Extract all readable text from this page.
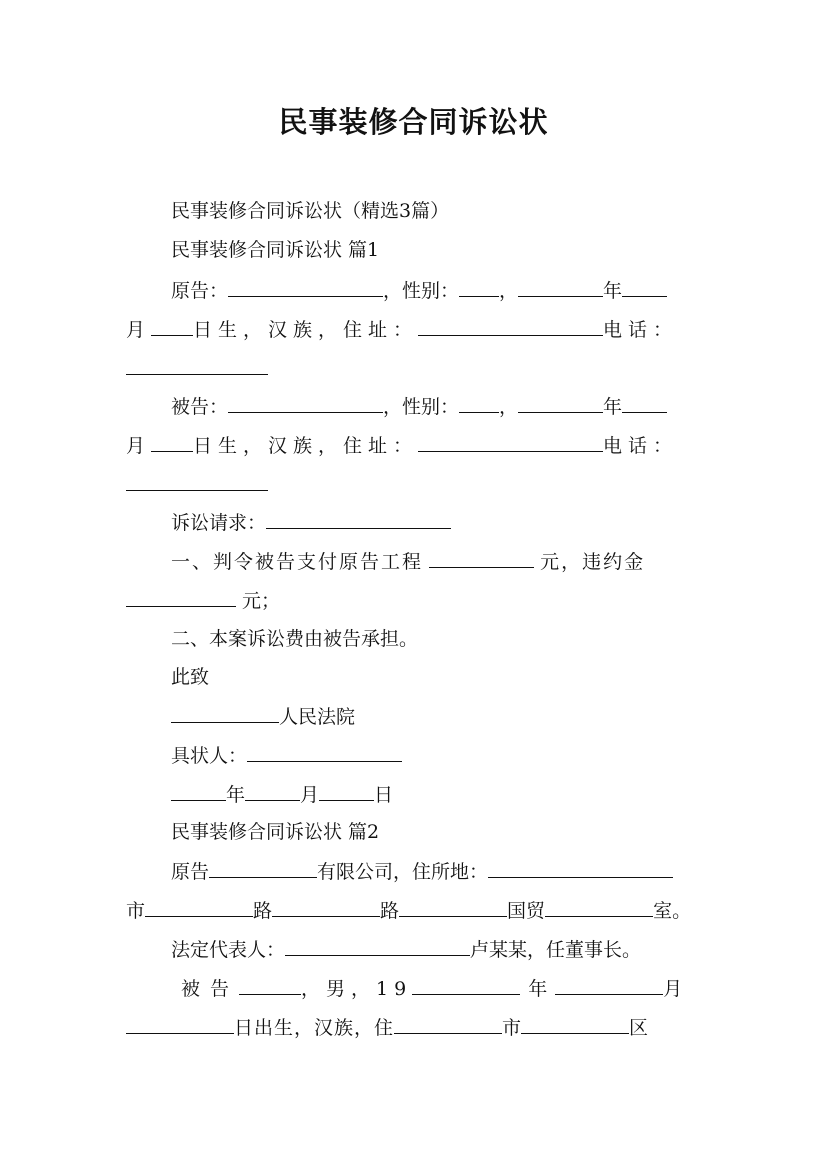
民事装修合同诉讼状
民事装修合同诉讼状（精选3篇）
民事装修合同诉讼状 篇1
原告：	，性别： ，	年
月 日生，汉族，住址：	电话：
被告：	，性别： ，	年
月 日生，汉族，住址：	电话：
诉讼请求：
一、判令被告支付原告工程	元，违约金
元；
二、本案诉讼费由被告承担。
此致
人民法院
具状人：
年	月	日
民事装修合同诉讼状 篇2
原告	有限公司，住所地：
市	路	路	国贸	室。
法定代表人：	卢某某，任董事长。
被告	，男，19	年	月
日出生，汉族，住	市	区
